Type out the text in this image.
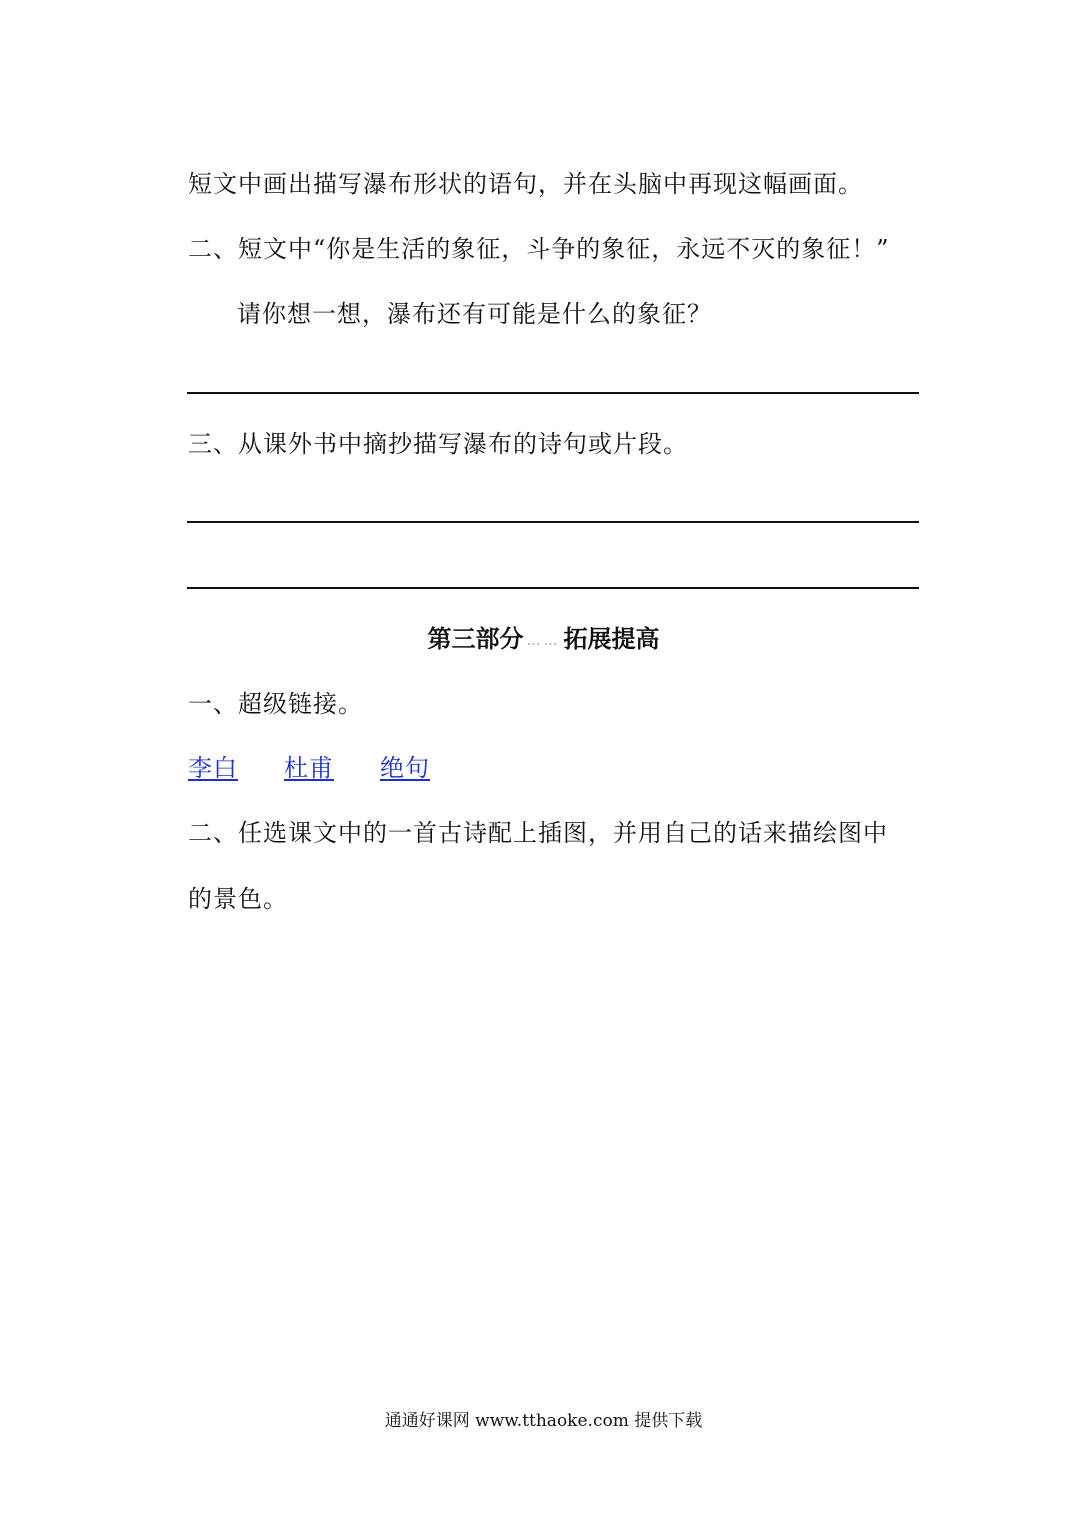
短文中画出描写瀑布形状的语句，并在头脑中再现这幅画面。
二、短文中“你是生活的象征，斗争的象征，永远不灭的象征！”
请你想一想，瀑布还有可能是什么的象征？
三、从课外书中摘抄描写瀑布的诗句或片段。
第三部分 …… 拓展提高
一、超级链接。
李白 杜甫 绝句
二、任选课文中的一首古诗配上插图，并用自己的话来描绘图中
的景色。
通通好课网 www.tthaoke.com 提供下载
